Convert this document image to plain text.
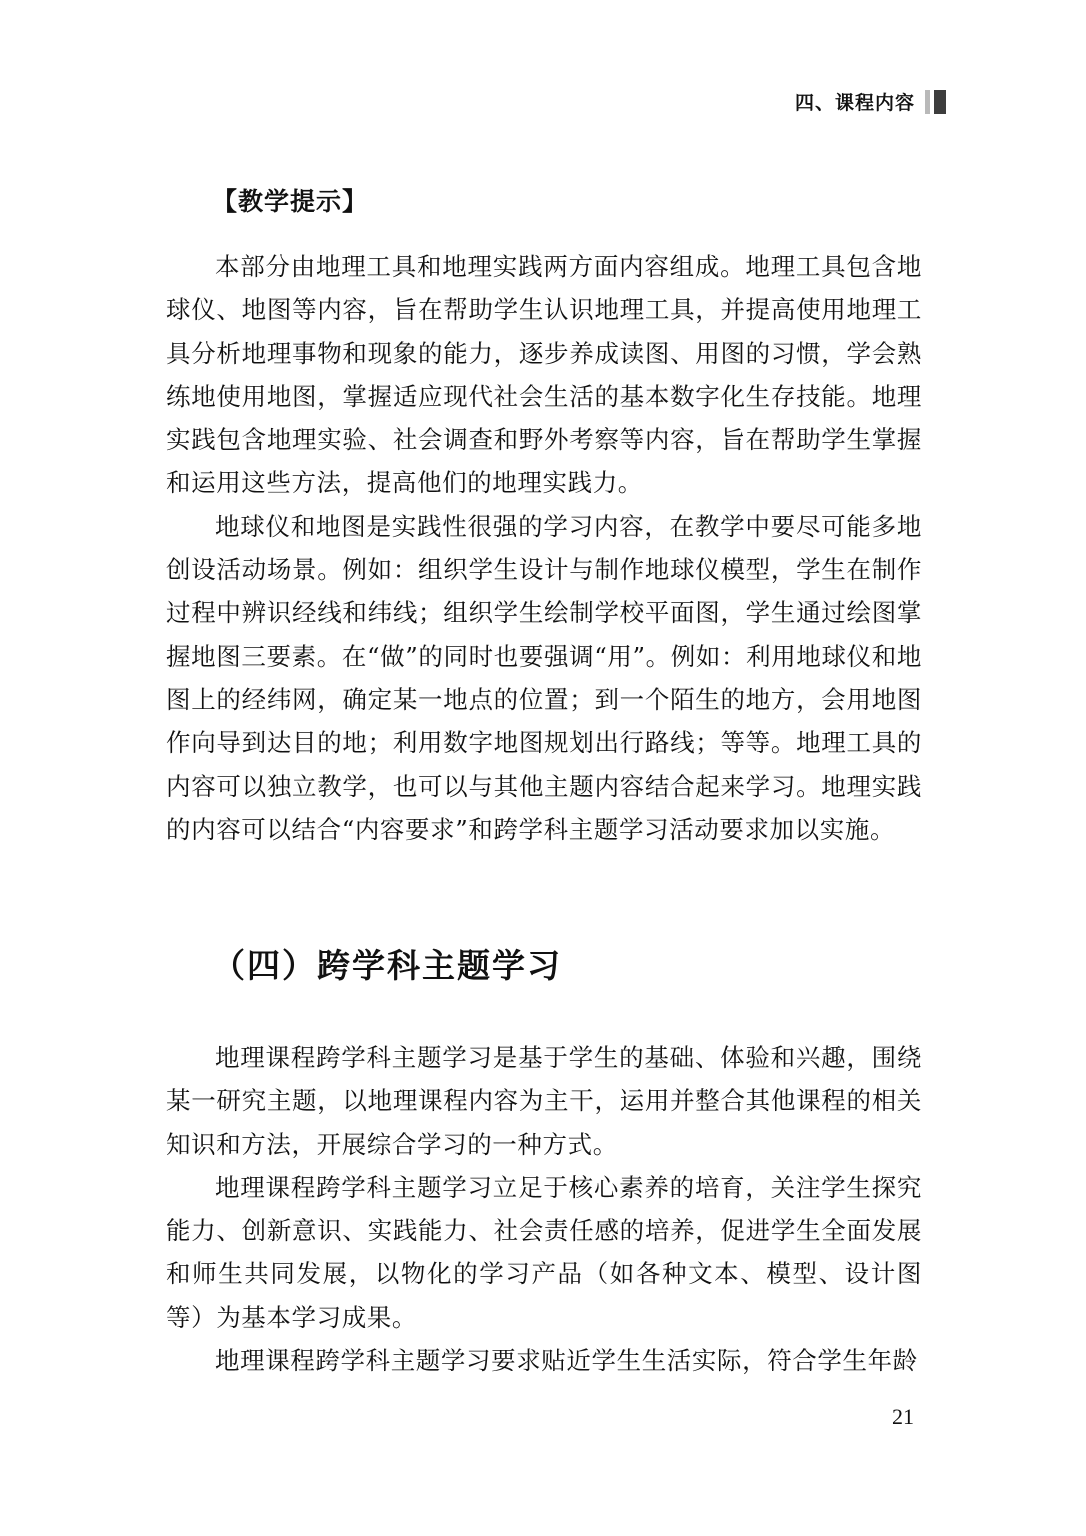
四、课程内容
【教学提示】

本部分由地理工具和地理实践两方面内容组成。地理工具包含地球仪、地图等内容，旨在帮助学生认识地理工具，并提高使用地理工具分析地理事物和现象的能力，逐步养成读图、用图的习惯，学会熟练地使用地图，掌握适应现代社会生活的基本数字化生存技能。地理实践包含地理实验、社会调查和野外考察等内容，旨在帮助学生掌握和运用这些方法，提高他们的地理实践力。

地球仪和地图是实践性很强的学习内容，在教学中要尽可能多地创设活动场景。例如：组织学生设计与制作地球仪模型，学生在制作过程中辨识经线和纬线；组织学生绘制学校平面图，学生通过绘图掌握地图三要素。在“做”的同时也要强调“用”。例如：利用地球仪和地图上的经纬网，确定某一地点的位置；到一个陌生的地方，会用地图作向导到达目的地；利用数字地图规划出行路线；等等。地理工具的内容可以独立教学，也可以与其他主题内容结合起来学习。地理实践的内容可以结合“内容要求”和跨学科主题学习活动要求加以实施。

（四）跨学科主题学习

地理课程跨学科主题学习是基于学生的基础、体验和兴趣，围绕某一研究主题，以地理课程内容为主干，运用并整合其他课程的相关知识和方法，开展综合学习的一种方式。

地理课程跨学科主题学习立足于核心素养的培育，关注学生探究能力、创新意识、实践能力、社会责任感的培养，促进学生全面发展和师生共同发展，以物化的学习产品（如各种文本、模型、设计图等）为基本学习成果。

地理课程跨学科主题学习要求贴近学生生活实际，符合学生年龄

21
